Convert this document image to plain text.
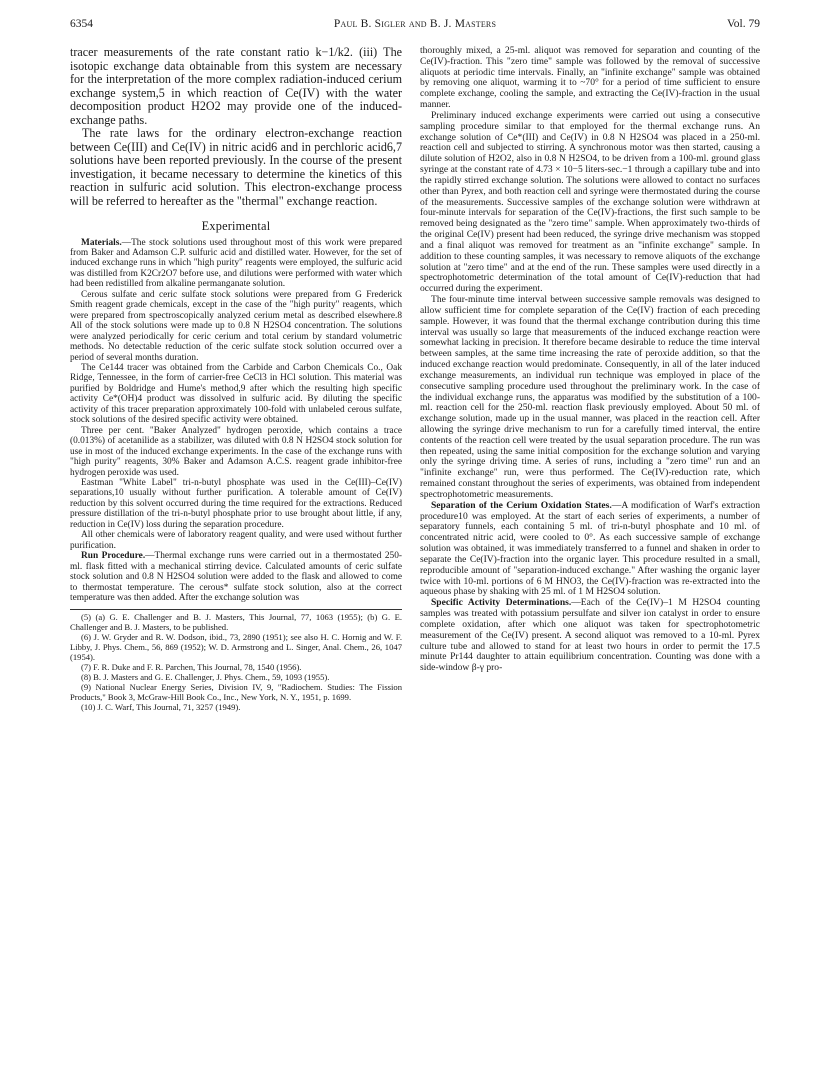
6354	Paul B. Sigler and B. J. Masters	Vol. 79

tracer measurements of the rate constant ratio k−1/k2. (iii) The isotopic exchange data obtainable from this system are necessary for the interpretation of the more complex radiation-induced cerium exchange system,5 in which reaction of Ce(IV) with the water decomposition product H2O2 may provide one of the induced-exchange paths.

The rate laws for the ordinary electron-exchange reaction between Ce(III) and Ce(IV) in nitric acid6 and in perchloric acid6,7 solutions have been reported previously. In the course of the present investigation, it became necessary to determine the kinetics of this reaction in sulfuric acid solution. This electron-exchange process will be referred to hereafter as the "thermal" exchange reaction.

Experimental

Materials.—The stock solutions used throughout most of this work were prepared from Baker and Adamson C.P. sulfuric acid and distilled water. However, for the set of induced exchange runs in which "high purity" reagents were employed, the sulfuric acid was distilled from K2Cr2O7 before use, and dilutions were performed with water which had been redistilled from alkaline permanganate solution.

Cerous sulfate and ceric sulfate stock solutions were prepared from G Frederick Smith reagent grade chemicals, except in the case of the "high purity" reagents, which were prepared from spectroscopically analyzed cerium metal as described elsewhere.8 All of the stock solutions were made up to 0.8 N H2SO4 concentration. The solutions were analyzed periodically for ceric cerium and total cerium by standard volumetric methods. No detectable reduction of the ceric sulfate stock solution occurred over a period of several months duration.

The Ce144 tracer was obtained from the Carbide and Carbon Chemicals Co., Oak Ridge, Tennessee, in the form of carrier-free CeCl3 in HCl solution. This material was purified by Boldridge and Hume's method,9 after which the resulting high specific activity Ce*(OH)4 product was dissolved in sulfuric acid. By diluting the specific activity of this tracer preparation approximately 100-fold with unlabeled cerous sulfate, stock solutions of the desired specific activity were obtained.

Three per cent. "Baker Analyzed" hydrogen peroxide, which contains a trace (0.013%) of acetanilide as a stabilizer, was diluted with 0.8 N H2SO4 stock solution for use in most of the induced exchange experiments. In the case of the exchange runs with "high purity" reagents, 30% Baker and Adamson A.C.S. reagent grade inhibitor-free hydrogen peroxide was used.

Eastman "White Label" tri-n-butyl phosphate was used in the Ce(III)–Ce(IV) separations,10 usually without further purification. A tolerable amount of Ce(IV) reduction by this solvent occurred during the time required for the extractions. Reduced pressure distillation of the tri-n-butyl phosphate prior to use brought about little, if any, reduction in Ce(IV) loss during the separation procedure.

All other chemicals were of laboratory reagent quality, and were used without further purification.

Run Procedure.—Thermal exchange runs were carried out in a thermostated 250-ml. flask fitted with a mechanical stirring device. Calculated amounts of ceric sulfate stock solution and 0.8 N H2SO4 solution were added to the flask and allowed to come to thermostat temperature. The cerous* sulfate stock solution, also at the correct temperature was then added. After the exchange solution was

(5) (a) G. E. Challenger and B. J. Masters, This Journal, 77, 1063 (1955); (b) G. E. Challenger and B. J. Masters, to be published.

(6) J. W. Gryder and R. W. Dodson, ibid., 73, 2890 (1951); see also H. C. Hornig and W. F. Libby, J. Phys. Chem., 56, 869 (1952); W. D. Armstrong and L. Singer, Anal. Chem., 26, 1047 (1954).

(7) F. R. Duke and F. R. Parchen, This Journal, 78, 1540 (1956).

(8) B. J. Masters and G. E. Challenger, J. Phys. Chem., 59, 1093 (1955).

(9) National Nuclear Energy Series, Division IV, 9, "Radiochem. Studies: The Fission Products," Book 3, McGraw-Hill Book Co., Inc., New York, N. Y., 1951, p. 1699.

(10) J. C. Warf, This Journal, 71, 3257 (1949).

thoroughly mixed, a 25-ml. aliquot was removed for separation and counting of the Ce(IV)-fraction. This "zero time" sample was followed by the removal of successive aliquots at periodic time intervals. Finally, an "infinite exchange" sample was obtained by removing one aliquot, warming it to ~70° for a period of time sufficient to ensure complete exchange, cooling the sample, and extracting the Ce(IV)-fraction in the usual manner.

Preliminary induced exchange experiments were carried out using a consecutive sampling procedure similar to that employed for the thermal exchange runs. An exchange solution of Ce*(III) and Ce(IV) in 0.8 N H2SO4 was placed in a 250-ml. reaction cell and subjected to stirring. A synchronous motor was then started, causing a dilute solution of H2O2, also in 0.8 N H2SO4, to be driven from a 100-ml. ground glass syringe at the constant rate of 4.73 × 10−5 liters-sec.−1 through a capillary tube and into the rapidly stirred exchange solution. The solutions were allowed to contact no surfaces other than Pyrex, and both reaction cell and syringe were thermostated during the course of the measurements. Successive samples of the exchange solution were withdrawn at four-minute intervals for separation of the Ce(IV)-fractions, the first such sample to be removed being designated as the "zero time" sample. When approximately two-thirds of the original Ce(IV) present had been reduced, the syringe drive mechanism was stopped and a final aliquot was removed for treatment as an "infinite exchange" sample. In addition to these counting samples, it was necessary to remove aliquots of the exchange solution at "zero time" and at the end of the run. These samples were used directly in a spectrophotometric determination of the total amount of Ce(IV)-reduction that had occurred during the experiment.

The four-minute time interval between successive sample removals was designed to allow sufficient time for complete separation of the Ce(IV) fraction of each preceding sample. However, it was found that the thermal exchange contribution during this time interval was usually so large that measurements of the induced exchange reaction were somewhat lacking in precision. It therefore became desirable to reduce the time interval between samples, at the same time increasing the rate of peroxide addition, so that the induced exchange reaction would predominate. Consequently, in all of the later induced exchange measurements, an individual run technique was employed in place of the consecutive sampling procedure used throughout the preliminary work. In the case of the individual exchange runs, the apparatus was modified by the substitution of a 100-ml. reaction cell for the 250-ml. reaction flask previously employed. About 50 ml. of exchange solution, made up in the usual manner, was placed in the reaction cell. After allowing the syringe drive mechanism to run for a carefully timed interval, the entire contents of the reaction cell were treated by the usual separation procedure. The run was then repeated, using the same initial composition for the exchange solution and varying only the syringe driving time. A series of runs, including a "zero time" run and an "infinite exchange" run, were thus performed. The Ce(IV)-reduction rate, which remained constant throughout the series of experiments, was obtained from independent spectrophotometric measurements.

Separation of the Cerium Oxidation States.—A modification of Warf's extraction procedure10 was employed. At the start of each series of experiments, a number of separatory funnels, each containing 5 ml. of tri-n-butyl phosphate and 10 ml. of concentrated nitric acid, were cooled to 0°. As each successive sample of exchange solution was obtained, it was immediately transferred to a funnel and shaken in order to separate the Ce(IV)-fraction into the organic layer. This procedure resulted in a small, reproducible amount of "separation-induced exchange." After washing the organic layer twice with 10-ml. portions of 6 M HNO3, the Ce(IV)-fraction was re-extracted into the aqueous phase by shaking with 25 ml. of 1 M H2SO4 solution.

Specific Activity Determinations.—Each of the Ce(IV)–1 M H2SO4 counting samples was treated with potassium persulfate and silver ion catalyst in order to ensure complete oxidation, after which one aliquot was taken for spectrophotometric measurement of the Ce(IV) present. A second aliquot was removed to a 10-ml. Pyrex culture tube and allowed to stand for at least two hours in order to permit the 17.5 minute Pr144 daughter to attain equilibrium concentration. Counting was done with a side-window β-γ pro-
